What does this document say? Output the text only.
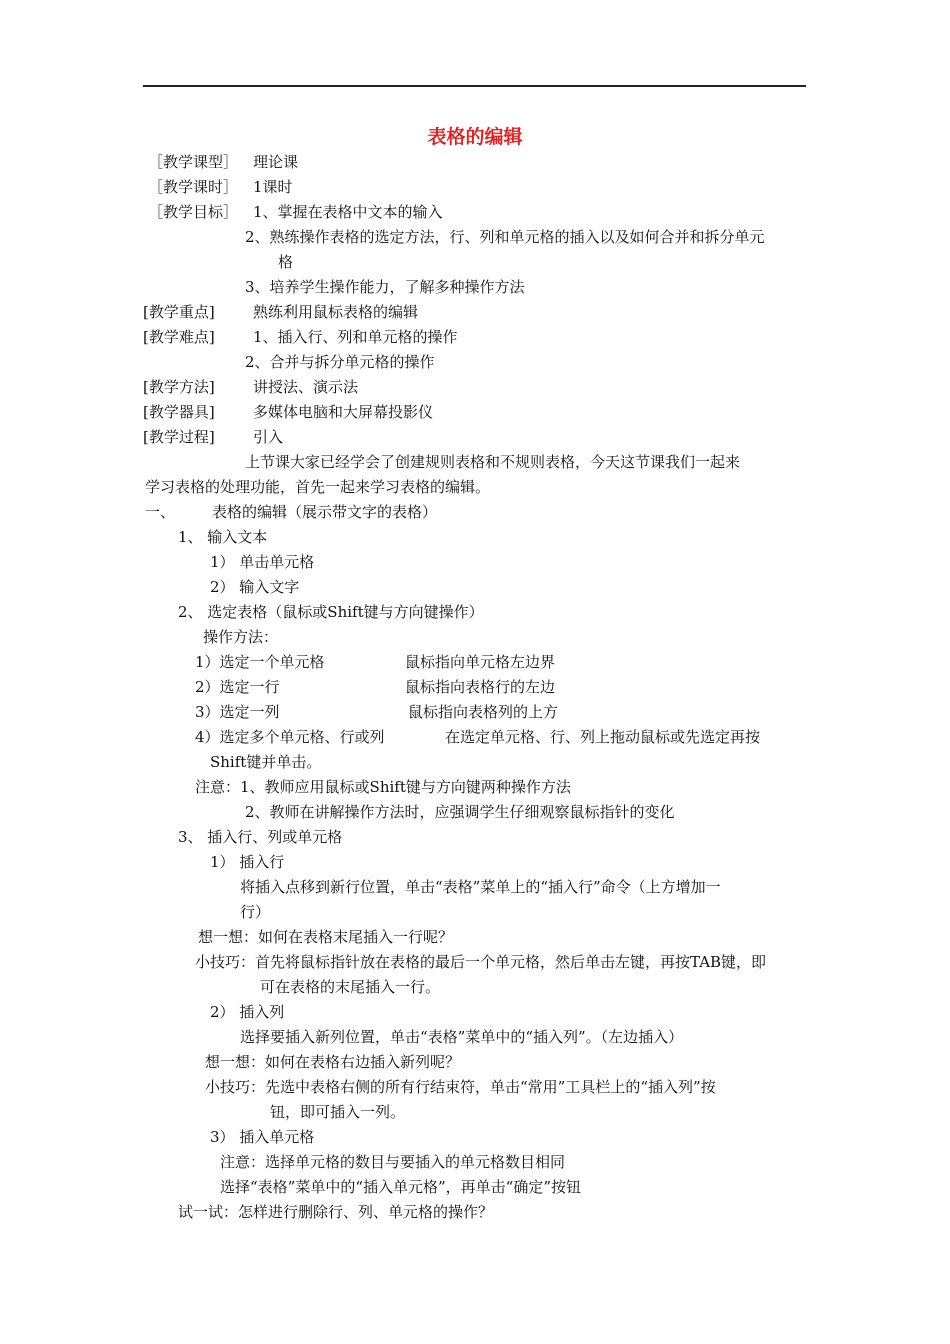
表格的编辑
［教学课型］ 理论课
［教学课时］ 1课时
［教学目标］ 1、掌握在表格中文本的输入
2、熟练操作表格的选定方法，行、列和单元格的插入以及如何合并和拆分单元
格
3、培养学生操作能力，了解多种操作方法
[教学重点]	熟练利用鼠标表格的编辑
[教学难点]	1、插入行、列和单元格的操作
2、合并与拆分单元格的操作
[教学方法]	讲授法、演示法
[教学器具]	多媒体电脑和大屏幕投影仪
[教学过程]	引入
上节课大家已经学会了创建规则表格和不规则表格，今天这节课我们一起来
学习表格的处理功能，首先一起来学习表格的编辑。
一、 表格的编辑（展示带文字的表格）
1、 输入文本
1） 单击单元格
2） 输入文字
2、 选定表格（鼠标或Shift键与方向键操作）
操作方法：
1）选定一个单元格	鼠标指向单元格左边界
2）选定一行	鼠标指向表格行的左边
3）选定一列	鼠标指向表格列的上方
4）选定多个单元格、行或列	在选定单元格、行、列上拖动鼠标或先选定再按
Shift键并单击。
注意：1、教师应用鼠标或Shift键与方向键两种操作方法
2、教师在讲解操作方法时，应强调学生仔细观察鼠标指针的变化
3、 插入行、列或单元格
1） 插入行
将插入点移到新行位置，单击“表格”菜单上的“插入行”命令（上方增加一
行）
想一想：如何在表格末尾插入一行呢？
小技巧：首先将鼠标指针放在表格的最后一个单元格，然后单击左键，再按TAB键，即
可在表格的末尾插入一行。
2） 插入列
选择要插入新列位置，单击“表格”菜单中的“插入列”。（左边插入）
想一想：如何在表格右边插入新列呢？
小技巧：先选中表格右侧的所有行结束符，单击“常用”工具栏上的“插入列”按
钮，即可插入一列。
3） 插入单元格
注意：选择单元格的数目与要插入的单元格数目相同
选择“表格”菜单中的“插入单元格”，再单击“确定”按钮
试一试：怎样进行删除行、列、单元格的操作？
